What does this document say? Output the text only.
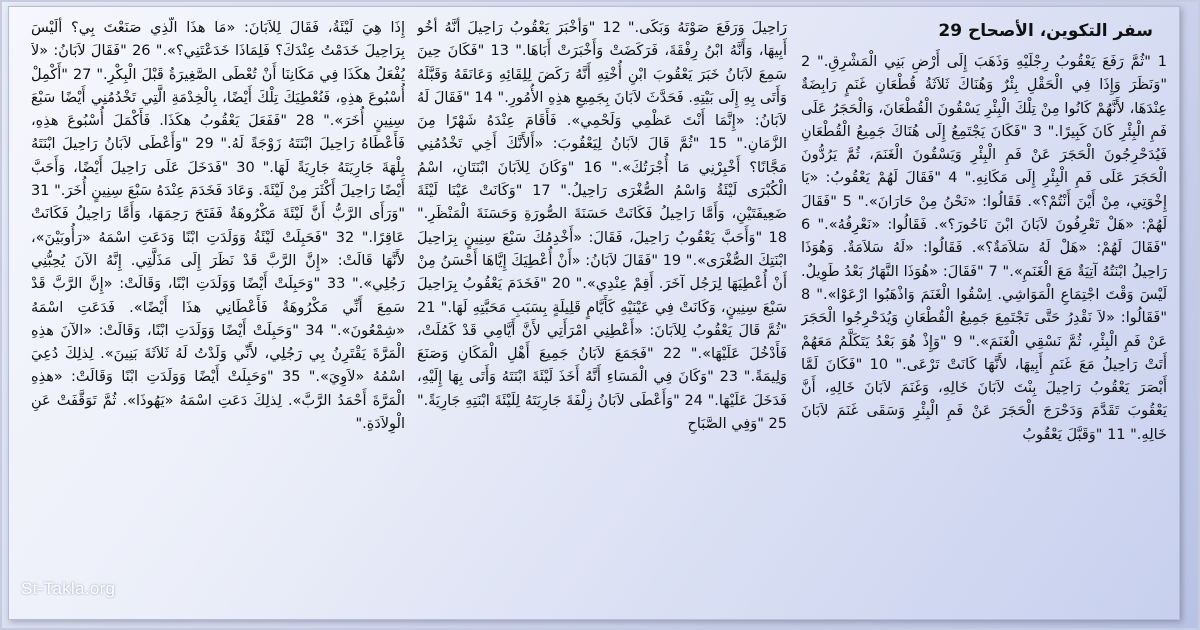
سفر التكوين، الأصحاح 29
1 "ثُمَّ رَفَعَ يَعْقُوبُ رِجْلَيْهِ وَذَهَبَ إِلَى أَرْضِ بَنِي الْمَشْرِقِ." 2 "وَنَظَرَ وَإِذَا فِي الْحَقْلِ بِئْرٌ وَهُنَاكَ ثَلاَثَةُ قُطْعَانِ غَنَمٍ رَابِضَةٌ عِنْدَهَا، لأَنَّهُمْ كَانُوا مِنْ تِلْكَ الْبِئْرِ يَسْقُونَ الْقُطْعَانَ، وَالْحَجَرُ عَلَى فَمِ الْبِئْرِ كَانَ كَبِيرًا." 3 "فَكَانَ يَجْتَمِعُ إِلَى هُنَاكَ جَمِيعُ الْقُطْعَانِ فَيُدَحْرِجُونَ الْحَجَرَ عَنْ فَمِ الْبِئْرِ وَيَسْقُونَ الْغَنَمَ، ثُمَّ يَرُدُّونَ الْحَجَرَ عَلَى فَمِ الْبِئْرِ إِلَى مَكَانِهِ." 4 "فَقَالَ لَهُمْ يَعْقُوبُ: «يَا إِخْوَتِي، مِنْ أَيْنَ أَنْتُمْ؟». فَقَالُوا: «نَحْنُ مِنْ حَارَانَ»." 5 "فَقَالَ لَهُمْ: «هَلْ تَعْرِفُونَ لاَبَانَ ابْنَ نَاحُورَ؟». فَقَالُوا: «نَعْرِفُهُ»." 6 "فَقَالَ لَهُمْ: «هَلْ لَهُ سَلاَمَةٌ؟». فَقَالُوا: «لَهُ سَلاَمَةٌ. وَهُوَذَا رَاحِيلُ ابْنَتُهُ آتِيَةٌ مَعَ الْغَنَمِ»." 7 "فَقَالَ: «هُوَذَا النَّهَارُ بَعْدُ طَوِيلٌ. لَيْسَ وَقْتَ اجْتِمَاعِ الْمَوَاشِي. اِسْقُوا الْغَنَمَ وَاذْهَبُوا ارْعَوْا»." 8 "فَقَالُوا: «لاَ نَقْدِرُ حَتَّى تَجْتَمِعَ جَمِيعُ الْقُطْعَانِ وَيُدَحْرِجُوا الْحَجَرَ عَنْ فَمِ الْبِئْرِ، ثُمَّ نَسْقِي الْغَنَمَ»." 9 "وَإِذْ هُوَ بَعْدُ يَتَكَلَّمُ مَعَهُمْ أَتَتْ رَاحِيلُ مَعَ غَنَمِ أَبِيهَا، لأَنَّهَا كَانَتْ تَرْعَى." 10 "فَكَانَ لَمَّا أَبْصَرَ يَعْقُوبُ رَاحِيلَ بِنْتَ لاَبَانَ خَالِهِ، وَغَنَمَ لاَبَانَ خَالِهِ، أَنَّ يَعْقُوبَ تَقَدَّمَ وَدَحْرَجَ الْحَجَرَ عَنْ فَمِ الْبِئْرِ وَسَقَى غَنَمَ لاَبَانَ خَالِهِ." 11 "وَقَبَّلَ يَعْقُوبُ
رَاحِيلَ وَرَفَعَ صَوْتَهُ وَبَكَى." 12 "وَأَخْبَرَ يَعْقُوبُ رَاحِيلَ أَنَّهُ أَخُو أَبِيهَا، وَأَنَّهُ ابْنُ رِفْقَةَ، فَرَكَضَتْ وَأَخْبَرَتْ أَبَاهَا." 13 "فَكَانَ حِينَ سَمِعَ لاَبَانُ خَبَرَ يَعْقُوبَ ابْنِ أُخْتِهِ أَنَّهُ رَكَضَ لِلِقَائِهِ وَعَانَقَهُ وَقَبَّلَهُ وَأَتَى بِهِ إِلَى بَيْتِهِ. فَحَدَّثَ لاَبَانَ بِجَمِيعِ هذِهِ الأُمُورِ." 14 "فَقَالَ لَهُ لاَبَانُ: «إِنَّمَا أَنْتَ عَظْمِي وَلَحْمِي». فَأَقَامَ عِنْدَهُ شَهْرًا مِنَ الزَّمَانِ." 15 "ثُمَّ قَالَ لاَبَانُ لِيَعْقُوبَ: «أَلأَنَّكَ أَخِي تَخْدُمُنِي مَجَّانًا؟ أَخْبِرْنِي مَا أُجْرَتُكَ»." 16 "وَكَانَ لِلاَبَانَ ابْنَتَانِ، اسْمُ الْكُبْرَى لَيْئَةُ وَاسْمُ الصُّغْرَى رَاحِيلُ." 17 "وَكَانَتْ عَيْنَا لَيْئَةَ ضَعِيفَتَيْنِ، وَأَمَّا رَاحِيلُ فَكَانَتْ حَسَنَةَ الصُّورَةِ وَحَسَنَةَ الْمَنْظَرِ." 18 "وَأَحَبَّ يَعْقُوبُ رَاحِيلَ، فَقَالَ: «أَخْدِمُكَ سَبْعَ سِنِينٍ بِرَاحِيلَ ابْنَتِكَ الصُّغْرَى»." 19 "فَقَالَ لاَبَانُ: «أَنْ أُعْطِيَكَ إِيَّاهَا أَحْسَنُ مِنْ أَنْ أُعْطِيَهَا لِرَجُل آخَرَ. أَقِمْ عِنْدِي»." 20 "فَخَدَمَ يَعْقُوبُ بِرَاحِيلَ سَبْعَ سِنِينٍ، وَكَانَتْ فِي عَيْنَيْهِ كَأَيَّامٍ قَلِيلَةٍ بِسَبَبِ مَحَبَّتِهِ لَهَا." 21 "ثُمَّ قَالَ يَعْقُوبُ لِلاَبَانَ: «أَعْطِنِي امْرَأَتِي لأَنَّ أَيَّامِي قَدْ كَمُلَتْ، فَأَدْخُلَ عَلَيْهَا»." 22 "فَجَمَعَ لاَبَانُ جَمِيعَ أَهْلِ الْمَكَانِ وَصَنَعَ وَلِيمَةً." 23 "وَكَانَ فِي الْمَسَاءِ أَنَّهُ أَخَذَ لَيْئَةَ ابْنَتَهُ وَأَتَى بِهَا إِلَيْهِ، فَدَخَلَ عَلَيْهَا." 24 "وَأَعْطَى لاَبَانُ زِلْفَةَ جَارِيَتَهُ لِلَيْئَةَ ابْنَتِهِ جَارِيَةً." 25 "وَفِي الصَّبَاحِ
إِذَا هِيَ لَيْئَةُ، فَقَالَ لِلاَبَانَ: «مَا هذَا الَّذِي صَنَعْتَ بِي؟ أَلَيْسَ بِرَاحِيلَ خَدَمْتُ عِنْدَكَ؟ فَلِمَاذَا خَدَعْتَنِي؟»." 26 "فَقَالَ لاَبَانُ: «لاَ يُفْعَلُ هكَذَا فِي مَكَانِنَا أَنْ تُعْطَى الصَّغِيرَةُ قَبْلَ الْبِكْرِ." 27 "أَكْمِلْ أُسْبُوعَ هذِهِ، فَنُعْطِيَكَ تِلْكَ أَيْضًا، بِالْخِدْمَةِ الَّتِي تَخْدُمُنِي أَيْضًا سَبْعَ سِنِينٍ أُخَرَ»." 28 "فَفَعَلَ يَعْقُوبُ هكَذَا. فَأَكْمَلَ أُسْبُوعَ هذِهِ، فَأَعْطَاهُ رَاحِيلَ ابْنَتَهُ زَوْجَةً لَهُ." 29 "وَأَعْطَى لاَبَانُ رَاحِيلَ ابْنَتَهُ بِلْهَةَ جَارِيَتَهُ جَارِيَةً لَهَا." 30 "فَدَخَلَ عَلَى رَاحِيلَ أَيْضًا، وَأَحَبَّ أَيْضًا رَاحِيلَ أَكْثَرَ مِنْ لَيْئَةَ. وَعَادَ فَخَدَمَ عِنْدَهُ سَبْعَ سِنِينٍ أُخَرَ." 31 "وَرَأَى الرَّبُّ أَنَّ لَيْئَةَ مَكْرُوهَةٌ فَفَتَحَ رَحِمَهَا، وَأَمَّا رَاحِيلُ فَكَانَتْ عَاقِرًا." 32 "فَحَبِلَتْ لَيْئَةُ وَوَلَدَتِ ابْنًا وَدَعَتِ اسْمَهُ «رَأُوبَيْنَ»، لأَنَّهَا قَالَتْ: «إِنَّ الرَّبَّ قَدْ نَظَرَ إِلَى مَذَلَّتِي. إِنَّهُ الآنَ يُحِبُّنِي رَجُلِي»." 33 "وَحَبِلَتْ أَيْضًا وَوَلَدَتِ ابْنًا، وَقَالَتْ: «إِنَّ الرَّبَّ قَدْ سَمِعَ أَنِّي مَكْرُوهَةٌ فَأَعْطَانِي هذَا أَيْضًا». فَدَعَتِ اسْمَهُ «شِمْعُونَ»." 34 "وَحَبِلَتْ أَيْضًا وَوَلَدَتِ ابْنًا، وَقَالَتْ: «الآنَ هذِهِ الْمَرَّةَ يَقْتَرِنُ بِي رَجُلِي، لأَنِّي وَلَدْتُ لَهُ ثَلاَثَةَ بَنِينَ». لِذلِكَ دُعِيَ اسْمُهُ «لاَوِيَ»." 35 "وَحَبِلَتْ أَيْضًا وَوَلَدَتِ ابْنًا وَقَالَتْ: «هذِهِ الْمَرَّةَ أَحْمَدُ الرَّبَّ». لِذلِكَ دَعَتِ اسْمَهُ «يَهُوذَا». ثُمَّ تَوَقَّفَتْ عَنِ الْوِلاَدَةِ."
St-Takla.org
